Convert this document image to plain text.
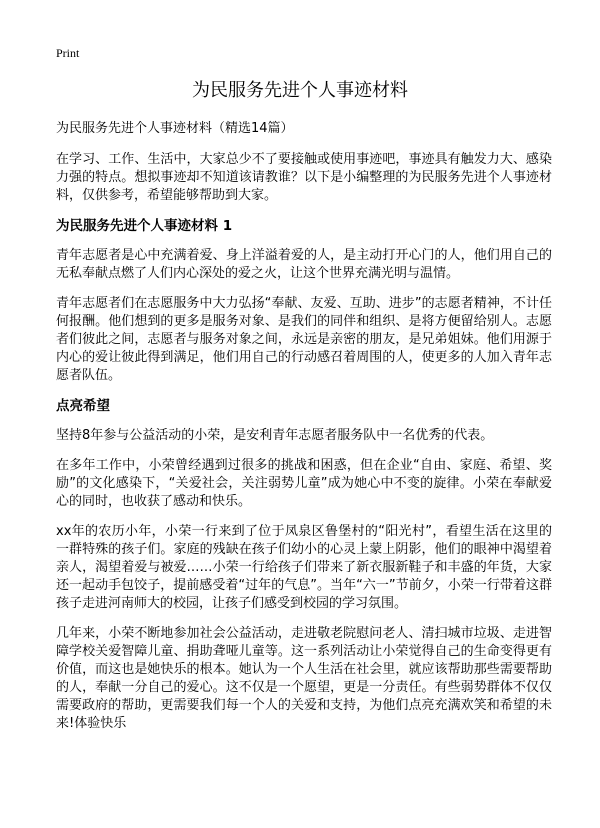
Print
为民服务先进个人事迹材料

为民服务先进个人事迹材料（精选14篇）

在学习、工作、生活中，大家总少不了要接触或使用事迹吧，事迹具有触发力大、感染力强的特点。想拟事迹却不知道该请教谁？以下是小编整理的为民服务先进个人事迹材料，仅供参考，希望能够帮助到大家。

为民服务先进个人事迹材料 1

青年志愿者是心中充满着爱、身上洋溢着爱的人，是主动打开心门的人，他们用自己的无私奉献点燃了人们内心深处的爱之火，让这个世界充满光明与温情。

青年志愿者们在志愿服务中大力弘扬“奉献、友爱、互助、进步”的志愿者精神，不计任何报酬。他们想到的更多是服务对象、是我们的同伴和组织、是将方便留给别人。志愿者们彼此之间，志愿者与服务对象之间，永远是亲密的朋友，是兄弟姐妹。他们用源于内心的爱让彼此得到满足，他们用自己的行动感召着周围的人，使更多的人加入青年志愿者队伍。

点亮希望

坚持8年参与公益活动的小荣，是安利青年志愿者服务队中一名优秀的代表。

在多年工作中，小荣曾经遇到过很多的挑战和困惑，但在企业“自由、家庭、希望、奖励”的文化感染下，“关爱社会，关注弱势儿童”成为她心中不变的旋律。小荣在奉献爱心的同时，也收获了感动和快乐。

xx年的农历小年，小荣一行来到了位于凤泉区鲁堡村的“阳光村”，看望生活在这里的一群特殊的孩子们。家庭的残缺在孩子们幼小的心灵上蒙上阴影，他们的眼神中渴望着亲人，渴望着爱与被爱……小荣一行给孩子们带来了新衣服新鞋子和丰盛的年货，大家还一起动手包饺子，提前感受着“过年的气息”。当年“六一”节前夕，小荣一行带着这群孩子走进河南师大的校园，让孩子们感受到校园的学习氛围。

几年来，小荣不断地参加社会公益活动，走进敬老院慰问老人、清扫城市垃圾、走进智障学校关爱智障儿童、捐助聋哑儿童等。这一系列活动让小荣觉得自己的生命变得更有价值，而这也是她快乐的根本。她认为一个人生活在社会里，就应该帮助那些需要帮助的人，奉献一分自己的爱心。这不仅是一个愿望，更是一分责任。有些弱势群体不仅仅需要政府的帮助，更需要我们每一个人的关爱和支持，为他们点亮充满欢笑和希望的未来!体验快乐
